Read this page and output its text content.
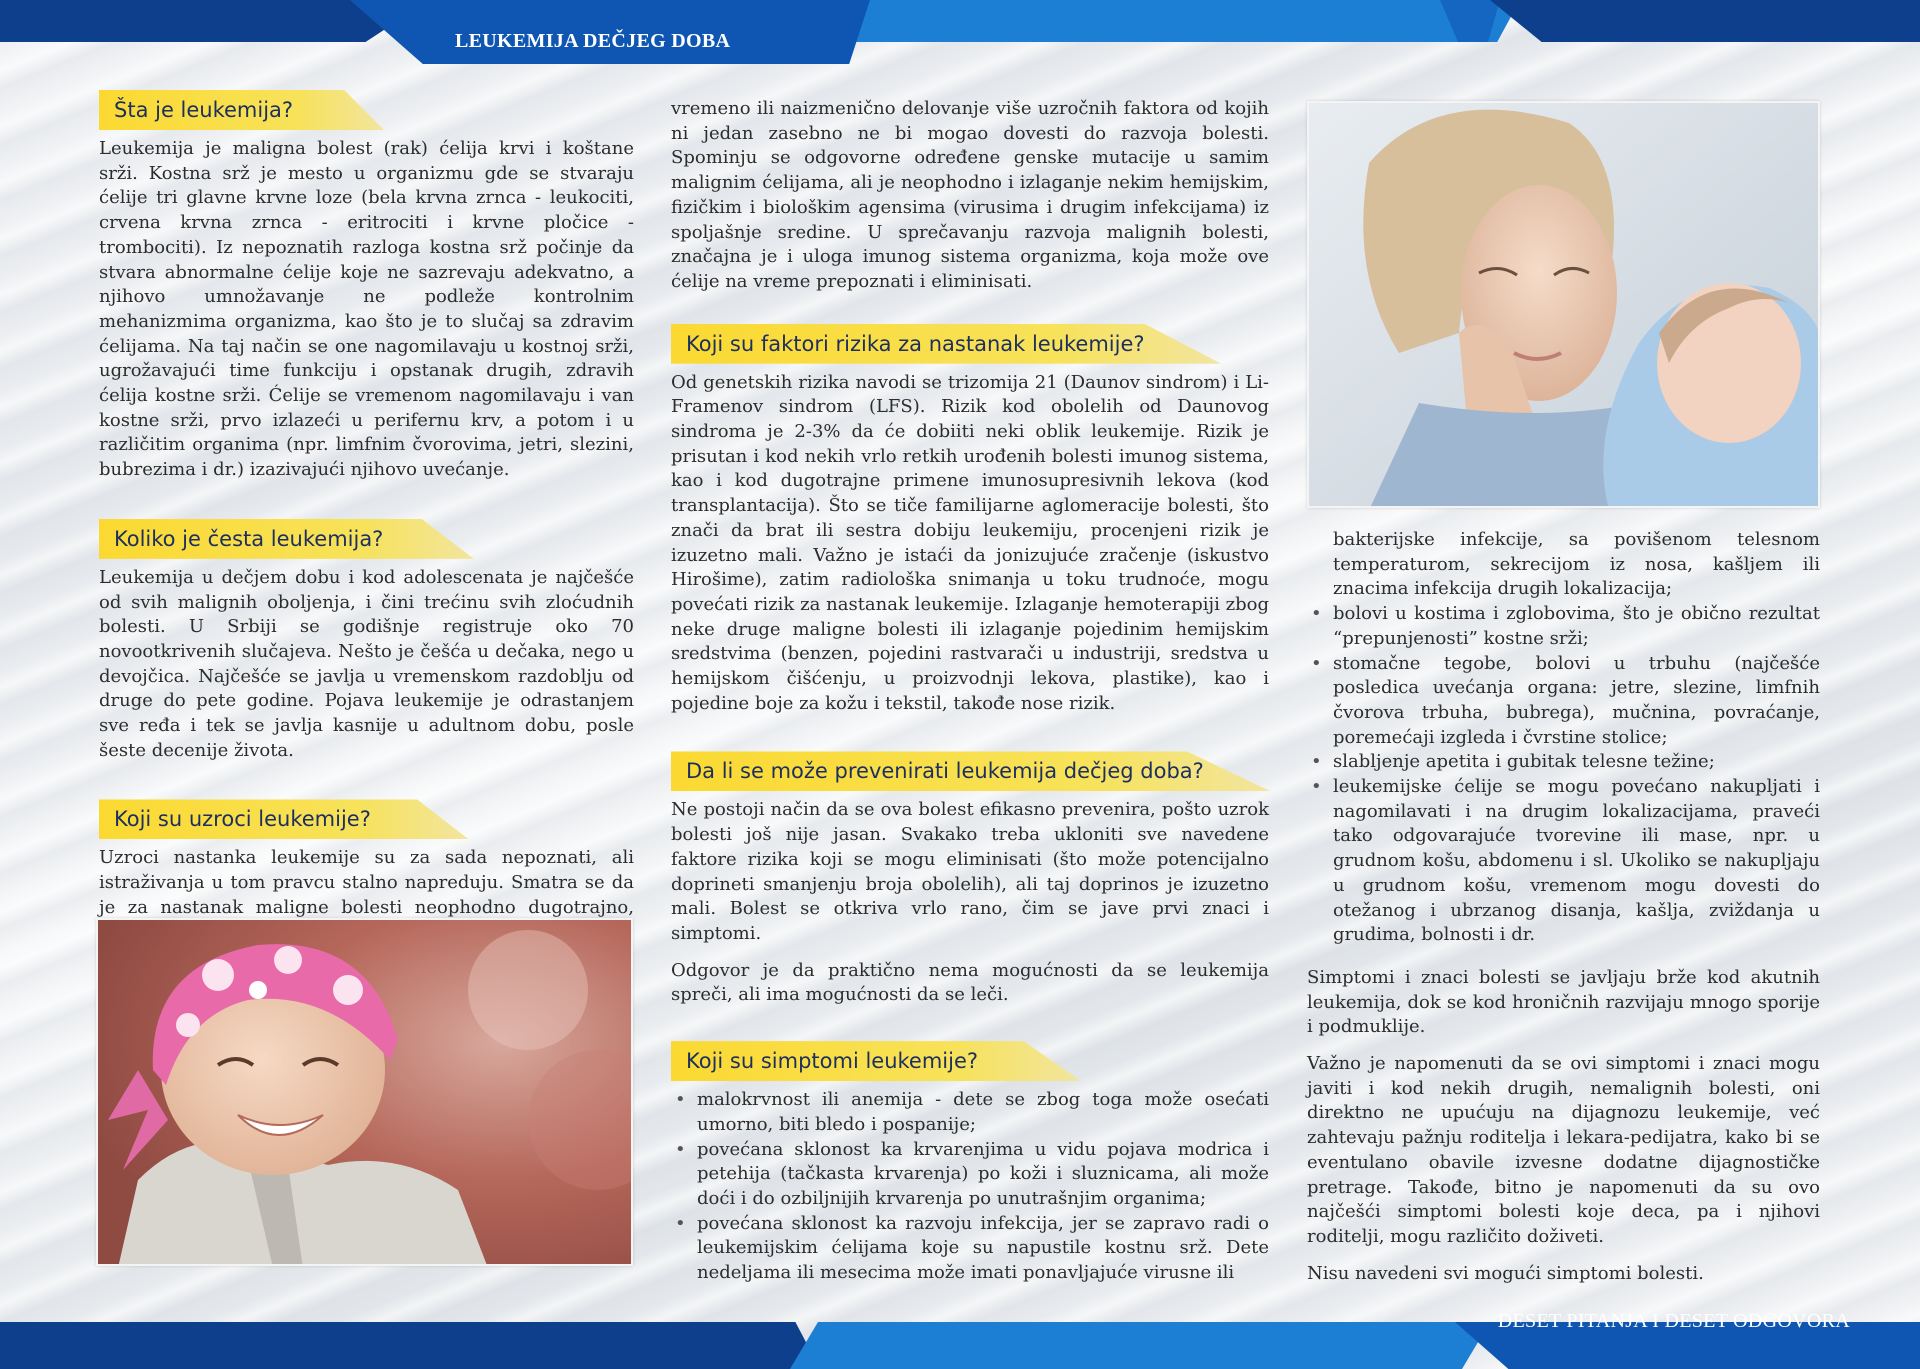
LEUKEMIJA DEČJEG DOBA
Šta je leukemija?

Leukemija je maligna bolest (rak) ćelija krvi i koštane srži. Kostna srž je mesto u organizmu gde se stvaraju ćelije tri glavne krvne loze (bela krvna zrnca - leukociti, crvena krvna zrnca - eritrociti i krvne pločice - trombociti). Iz nepoznatih razloga kostna srž počinje da stvara abnormalne ćelije koje ne sazrevaju adekvatno, a njihovo umnožavanje ne podleže kontrolnim mehanizmima organizma, kao što je to slučaj sa zdravim ćelijama. Na taj način se one nagomilavaju u kostnoj srži, ugrožavajući time funkciju i opstanak drugih, zdravih ćelija kostne srži. Ćelije se vremenom nagomilavaju i van kostne srži, prvo izlazeći u perifernu krv, a potom i u različitim organima (npr. limfnim čvorovima, jetri, slezini, bubrezima i dr.) izazivajući njihovo uvećanje.

Koliko je česta leukemija?

Leukemija u dečjem dobu i kod adolescenata je najčešće od svih malignih oboljenja, i čini trećinu svih zloćudnih bolesti. U Srbiji se godišnje registruje oko 70 novootkrivenih slučajeva. Nešto je češća u dečaka, nego u devojčica. Najčešće se javlja u vremenskom razdoblju od druge do pete godine. Pojava leukemije je odrastanjem sve ređa i tek se javlja kasnije u adultnom dobu, posle šeste decenije života.

Koji su uzroci leukemije?

Uzroci nastanka leukemije su za sada nepoznati, ali istraživanja u tom pravcu stalno napreduju. Smatra se da je za nastanak maligne bolesti neophodno dugotrajno,

vremeno ili naizmenično delovanje više uzročnih faktora od kojih ni jedan zasebno ne bi mogao dovesti do razvoja bolesti. Spominju se odgovorne određene genske mutacije u samim malignim ćelijama, ali je neophodno i izlaganje nekim hemijskim, fizičkim i biološkim agensima (virusima i drugim infekcijama) iz spoljašnje sredine. U sprečavanju razvoja malignih bolesti, značajna je i uloga imunog sistema organizma, koja može ove ćelije na vreme prepoznati i eliminisati.

Koji su faktori rizika za nastanak leukemije?

Od genetskih rizika navodi se trizomija 21 (Daunov sindrom) i Li-Framenov sindrom (LFS). Rizik kod obolelih od Daunovog sindroma je 2-3% da će dobiiti neki oblik leukemije. Rizik je prisutan i kod nekih vrlo retkih urođenih bolesti imunog sistema, kao i kod dugotrajne primene imunosupresivnih lekova (kod transplantacija). Što se tiče familijarne aglomeracije bolesti, što znači da brat ili sestra dobiju leukemiju, procenjeni rizik je izuzetno mali. Važno je istaći da jonizujuće zračenje (iskustvo Hirošime), zatim radiološka snimanja u toku trudnoće, mogu povećati rizik za nastanak leukemije. Izlaganje hemoterapiji zbog neke druge maligne bolesti ili izlaganje pojedinim hemijskim sredstvima (benzen, pojedini rastvarači u industriji, sredstva u hemijskom čišćenju, u proizvodnji lekova, plastike), kao i pojedine boje za kožu i tekstil, takođe nose rizik.

Da li se može prevenirati leukemija dečjeg doba?

Ne postoji način da se ova bolest efikasno prevenira, pošto uzrok bolesti još nije jasan. Svakako treba ukloniti sve navedene faktore rizika koji se mogu eliminisati (što može potencijalno doprineti smanjenju broja obolelih), ali taj doprinos je izuzetno mali. Bolest se otkriva vrlo rano, čim se jave prvi znaci i simptomi.

Odgovor je da praktično nema mogućnosti da se leukemija spreči, ali ima mogućnosti da se leči.

Koji su simptomi leukemije?
• malokrvnost ili anemija - dete se zbog toga može osećati umorno, biti bledo i pospanije;
• povećana sklonost ka krvarenjima u vidu pojava modrica i petehija (tačkasta krvarenja) po koži i sluznicama, ali može doći i do ozbiljnijih krvarenja po unutrašnjim organima;
• povećana sklonost ka razvoju infekcija, jer se zapravo radi o leukemijskim ćelijama koje su napustile kostnu srž. Dete nedeljama ili mesecima može imati ponavljajuće virusne ili

bakterijske infekcije, sa povišenom telesnom temperaturom, sekrecijom iz nosa, kašljem ili znacima infekcija drugih lokalizacija;

• bolovi u kostima i zglobovima, što je obično rezultat “prepunjenosti” kostne srži;
• stomačne tegobe, bolovi u trbuhu (najčešće posledica uvećanja organa: jetre, slezine, limfnih čvorova trbuha, bubrega), mučnina, povraćanje, poremećaji izgleda i čvrstine stolice;
• slabljenje apetita i gubitak telesne težine;
• leukemijske ćelije se mogu povećano nakupljati i nagomilavati i na drugim lokalizacijama, praveći tako odgovarajuće tvorevine ili mase, npr. u grudnom košu, abdomenu i sl. Ukoliko se nakupljaju u grudnom košu, vremenom mogu dovesti do otežanog i ubrzanog disanja, kašlja, zviždanja u grudima, bolnosti i dr.

Simptomi i znaci bolesti se javljaju brže kod akutnih leukemija, dok se kod hroničnih razvijaju mnogo sporije i podmuklije.

Važno je napomenuti da se ovi simptomi i znaci mogu javiti i kod nekih drugih, nemalignih bolesti, oni direktno ne upućuju na dijagnozu leukemije, već zahtevaju pažnju roditelja i lekara-pedijatra, kako bi se eventulano obavile izvesne dodatne dijagnostičke pretrage. Takođe, bitno je napomenuti da su ovo najčešći simptomi bolesti koje deca, pa i njihovi roditelji, mogu različito doživeti.

Nisu navedeni svi mogući simptomi bolesti.

DESET PITANJA I DESET ODGOVORA
